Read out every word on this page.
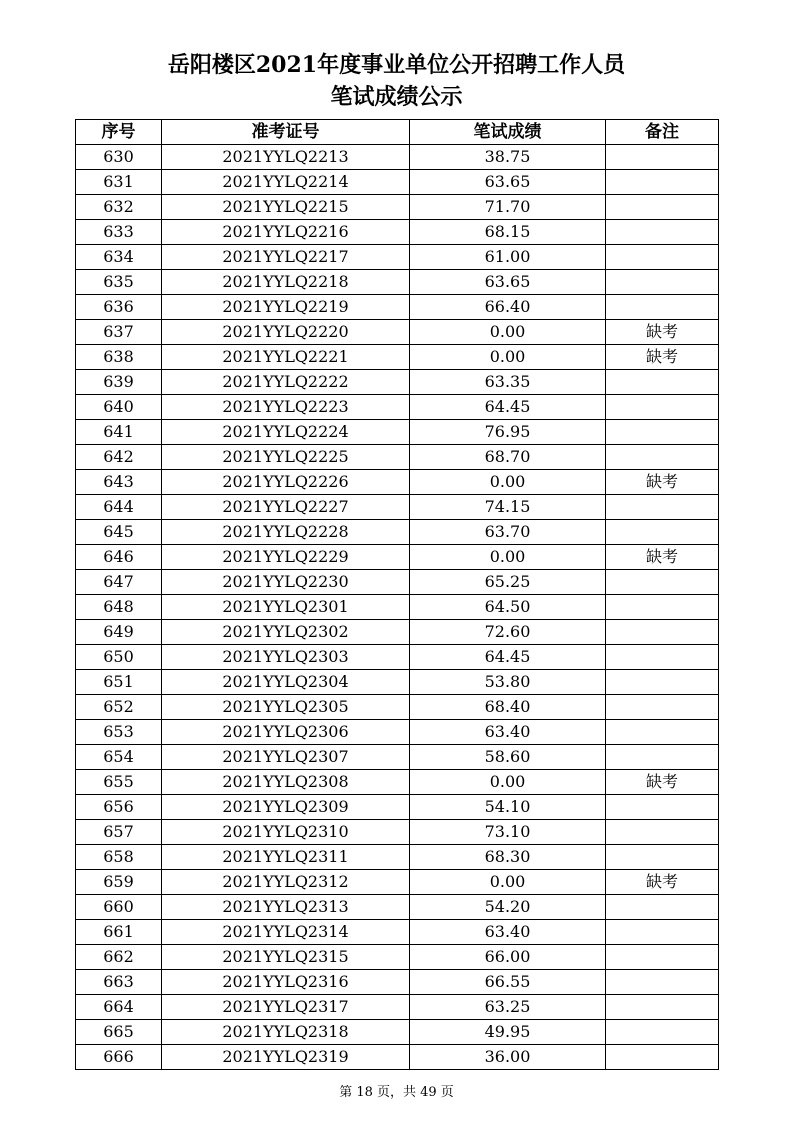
岳阳楼区2021年度事业单位公开招聘工作人员
笔试成绩公示
序号	准考证号	笔试成绩	备注
630	2021YYLQ2213	38.75	
631	2021YYLQ2214	63.65	
632	2021YYLQ2215	71.70	
633	2021YYLQ2216	68.15	
634	2021YYLQ2217	61.00	
635	2021YYLQ2218	63.65	
636	2021YYLQ2219	66.40	
637	2021YYLQ2220	0.00	缺考
638	2021YYLQ2221	0.00	缺考
639	2021YYLQ2222	63.35	
640	2021YYLQ2223	64.45	
641	2021YYLQ2224	76.95	
642	2021YYLQ2225	68.70	
643	2021YYLQ2226	0.00	缺考
644	2021YYLQ2227	74.15	
645	2021YYLQ2228	63.70	
646	2021YYLQ2229	0.00	缺考
647	2021YYLQ2230	65.25	
648	2021YYLQ2301	64.50	
649	2021YYLQ2302	72.60	
650	2021YYLQ2303	64.45	
651	2021YYLQ2304	53.80	
652	2021YYLQ2305	68.40	
653	2021YYLQ2306	63.40	
654	2021YYLQ2307	58.60	
655	2021YYLQ2308	0.00	缺考
656	2021YYLQ2309	54.10	
657	2021YYLQ2310	73.10	
658	2021YYLQ2311	68.30	
659	2021YYLQ2312	0.00	缺考
660	2021YYLQ2313	54.20	
661	2021YYLQ2314	63.40	
662	2021YYLQ2315	66.00	
663	2021YYLQ2316	66.55	
664	2021YYLQ2317	63.25	
665	2021YYLQ2318	49.95	
666	2021YYLQ2319	36.00	
第 18 页，共 49 页
